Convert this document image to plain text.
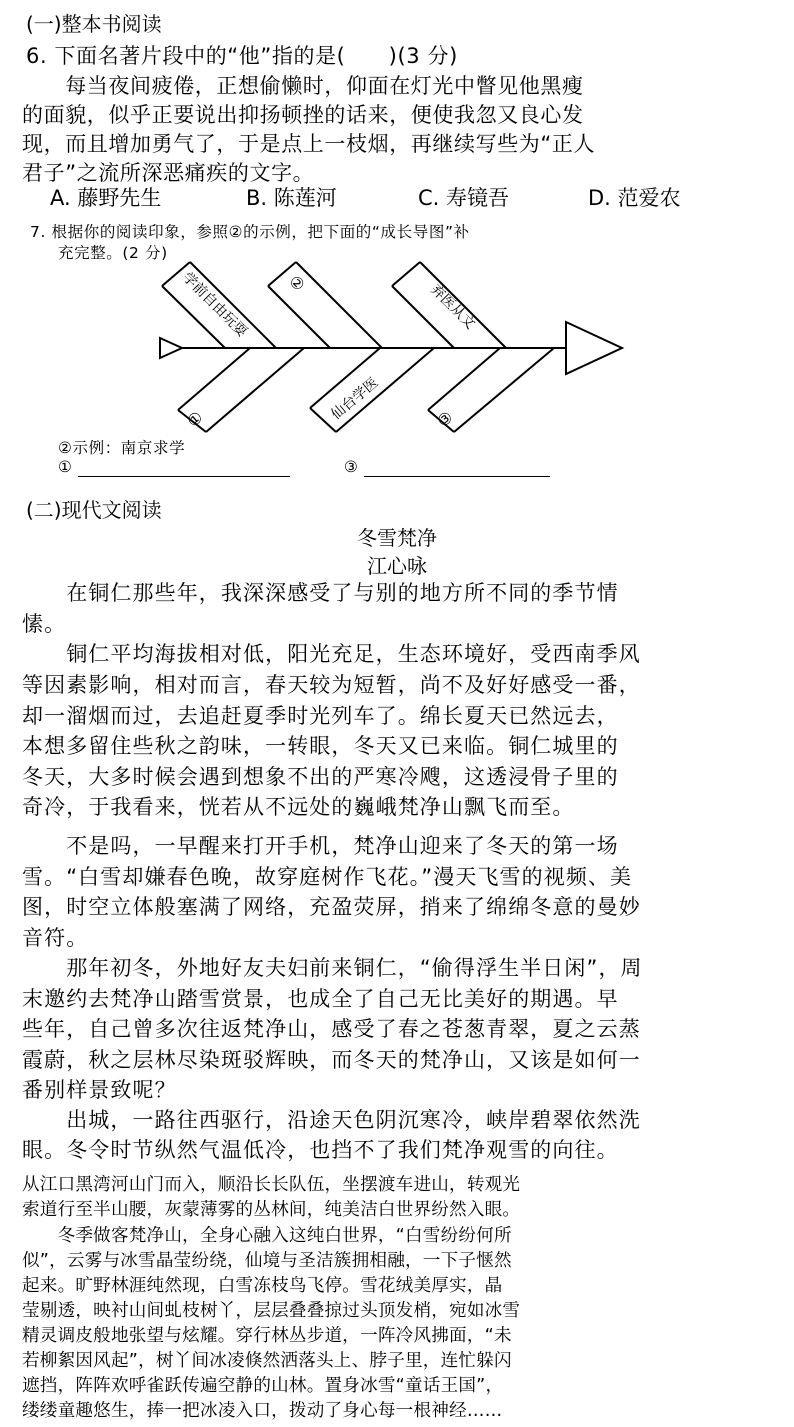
(一)整本书阅读
6. 下面名著片段中的“他”指的是(　　)(3 分)
　　每当夜间疲倦，正想偷懒时，仰面在灯光中瞥见他黑瘦
的面貌，似乎正要说出抑扬顿挫的话来，便使我忽又良心发
现，而且增加勇气了，于是点上一枝烟，再继续写些为“正人
君子”之流所深恶痛疾的文字。
A. 藤野先生	B. 陈莲河	C. 寿镜吾	D. 范爱农
7. 根据你的阅读印象，参照②的示例，把下面的“成长导图”补
充完整。(2 分)
学前自由玩耍 ②	弃医从文
①	仙台学医	③
②示例：南京求学
①	③
(二)现代文阅读
冬雪梵净
江心咏
　　在铜仁那些年，我深深感受了与别的地方所不同的季节情
愫。
　　铜仁平均海拔相对低，阳光充足，生态环境好，受西南季风
等因素影响，相对而言，春天较为短暂，尚不及好好感受一番，
却一溜烟而过，去追赶夏季时光列车了。绵长夏天已然远去，
本想多留住些秋之韵味，一转眼，冬天又已来临。铜仁城里的
冬天，大多时候会遇到想象不出的严寒冷飕，这透浸骨子里的
奇冷，于我看来，恍若从不远处的巍峨梵净山飘飞而至。
　　不是吗，一早醒来打开手机，梵净山迎来了冬天的第一场
雪。“白雪却嫌春色晚，故穿庭树作飞花。”漫天飞雪的视频、美
图，时空立体般塞满了网络，充盈荧屏，捎来了绵绵冬意的曼妙
音符。
　　那年初冬，外地好友夫妇前来铜仁，“偷得浮生半日闲”，周
末邀约去梵净山踏雪赏景，也成全了自己无比美好的期遇。早
些年，自己曾多次往返梵净山，感受了春之苍葱青翠，夏之云蒸
霞蔚，秋之层林尽染斑驳辉映，而冬天的梵净山，又该是如何一
番别样景致呢？
　　出城，一路往西驱行，沿途天色阴沉寒冷，峡岸碧翠依然洗
眼。冬令时节纵然气温低冷，也挡不了我们梵净观雪的向往。
从江口黑湾河山门而入，顺沿长长队伍，坐摆渡车进山，转观光
索道行至半山腰，灰蒙薄雾的丛林间，纯美洁白世界纷然入眼。
　　冬季做客梵净山，全身心融入这纯白世界，“白雪纷纷何所
似”，云雾与冰雪晶莹纷绕，仙境与圣洁簇拥相融，一下子惬然
起来。旷野林涯纯然现，白雪冻枝鸟飞停。雪花绒美厚实，晶
莹剔透，映衬山间虬枝树丫，层层叠叠掠过头顶发梢，宛如冰雪
精灵调皮般地张望与炫耀。穿行林丛步道，一阵冷风拂面，“未
若柳絮因风起”，树丫间冰凌倏然洒落头上、脖子里，连忙躲闪
遮挡，阵阵欢呼雀跃传遍空静的山林。置身冰雪“童话王国”，
缕缕童趣悠生，捧一把冰凌入口，拨动了身心每一根神经……
